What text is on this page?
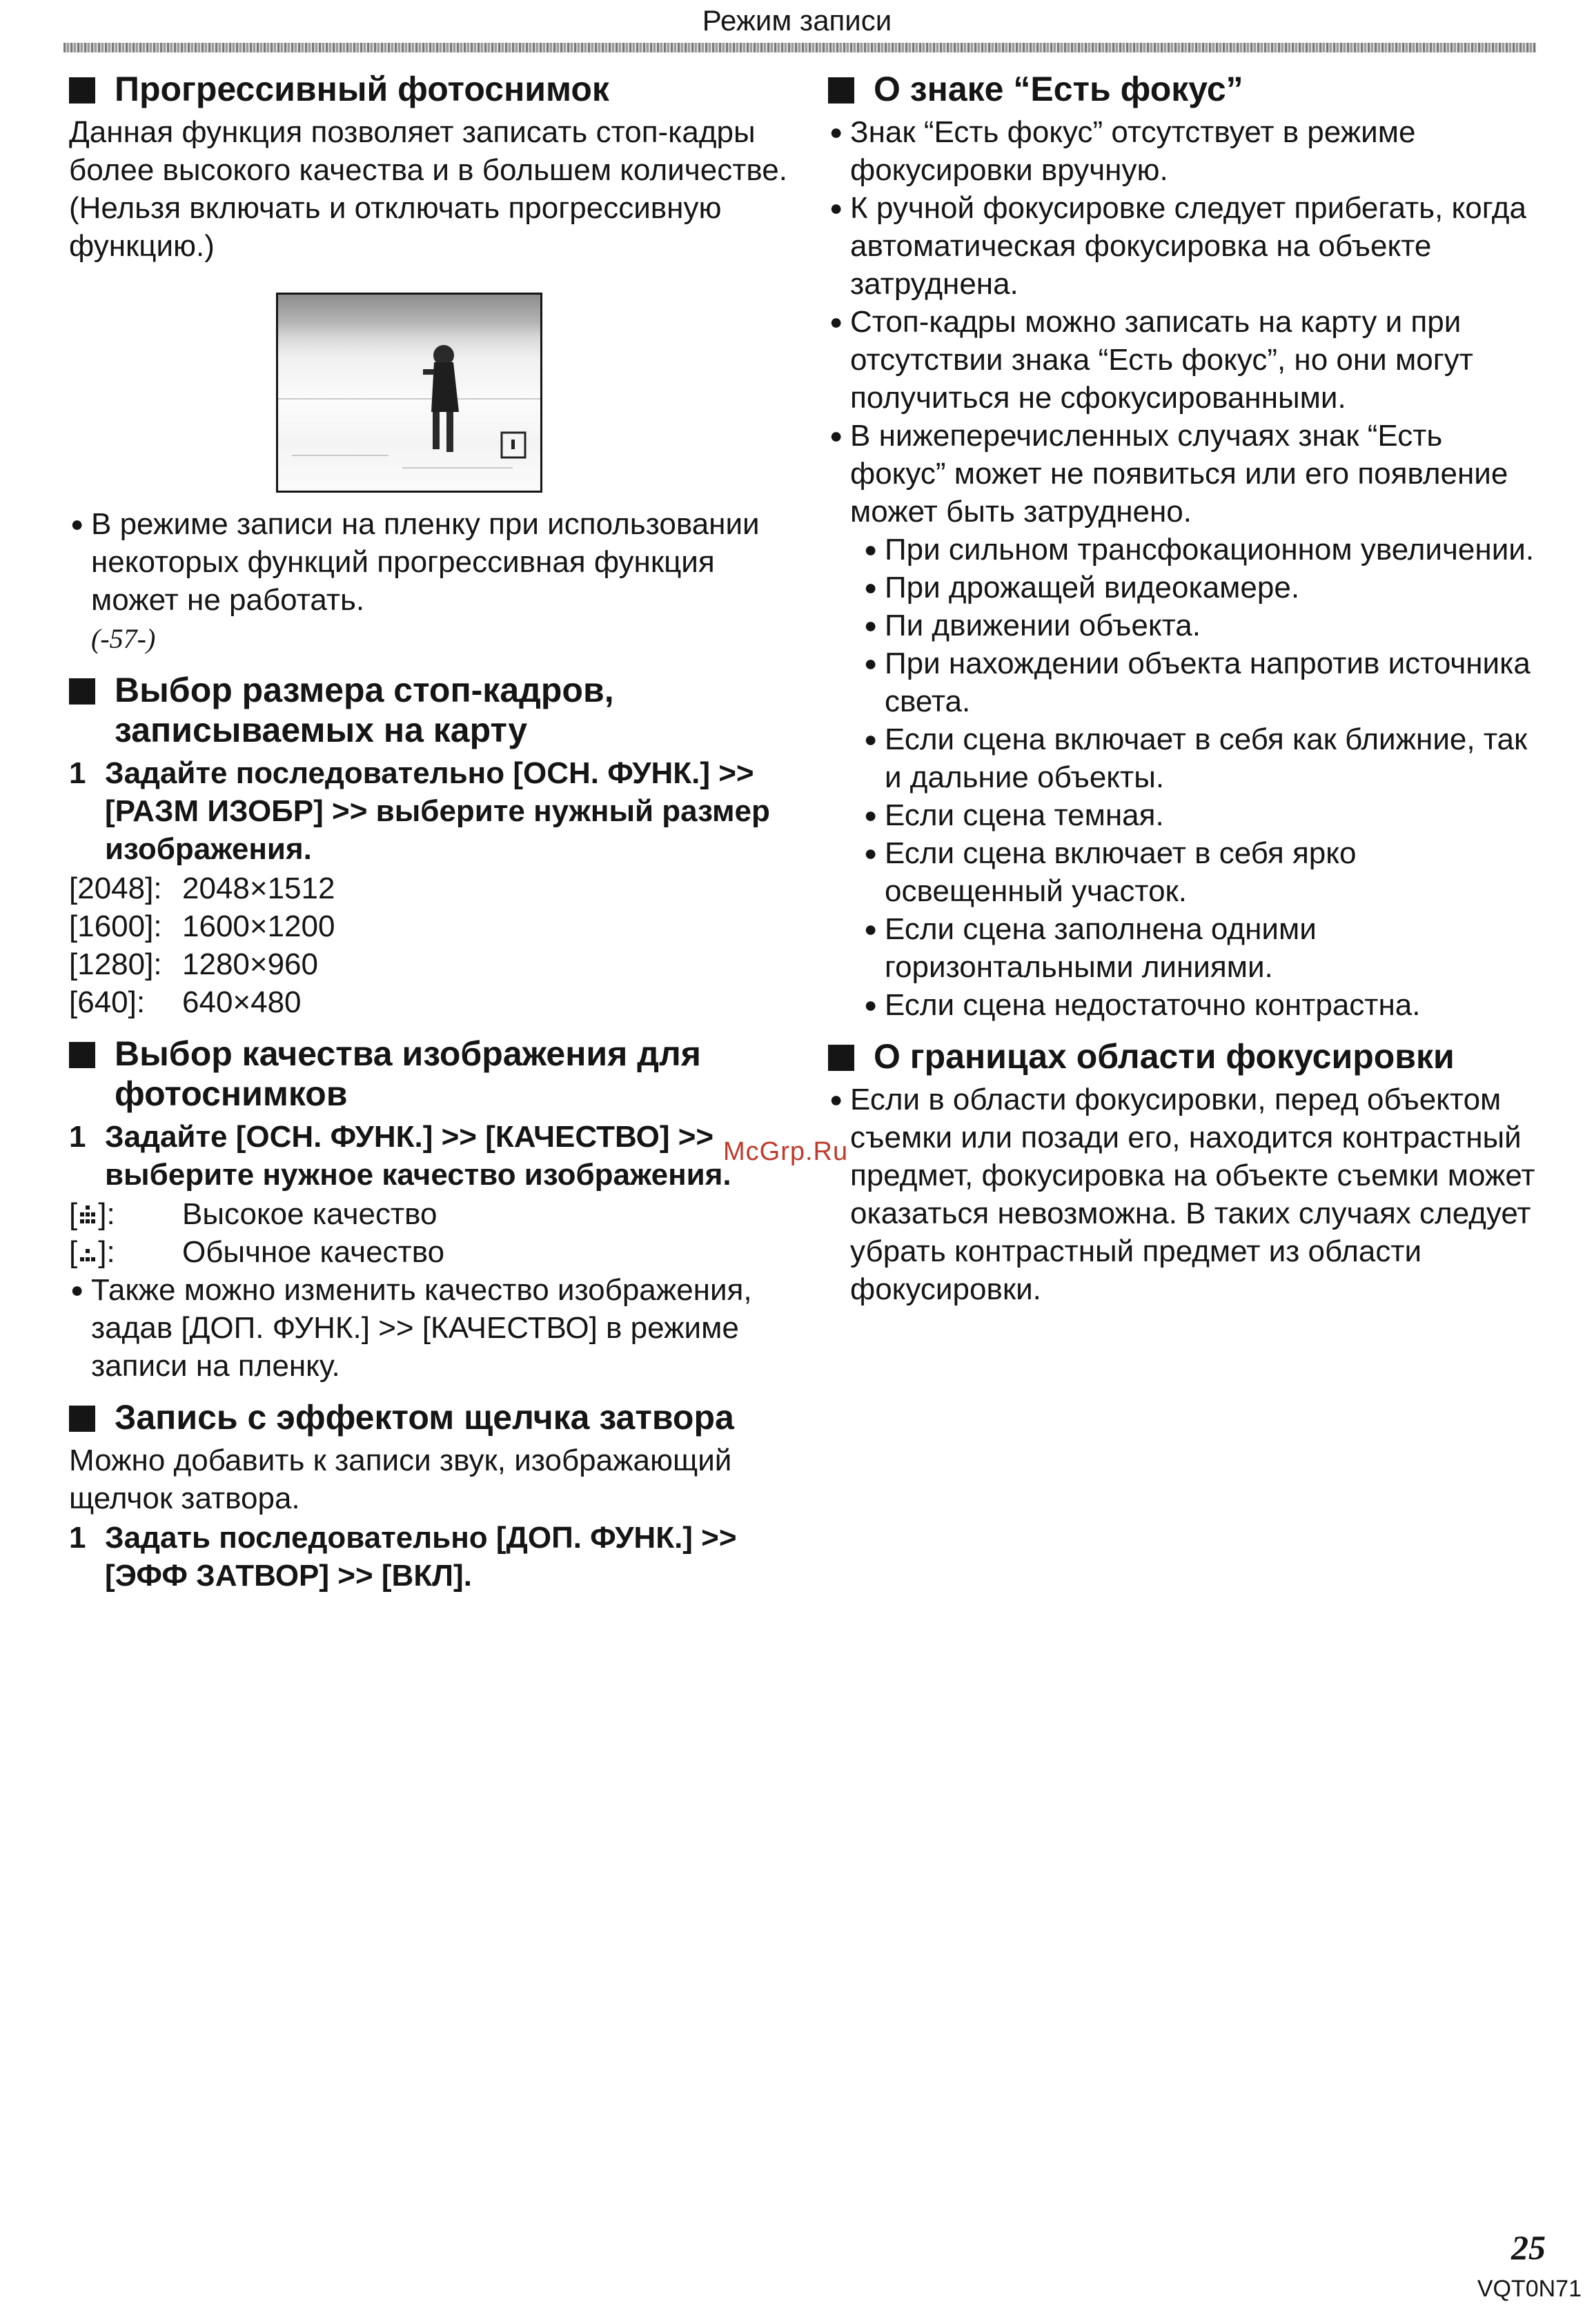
Режим записи
Прогрессивный фотоснимок

Данная функция позволяет записать стоп-кадры более высокого качества и в большем количестве. (Нельзя включать и отключать прогрессивную функцию.)

● В режиме записи на пленку при использовании некоторых функций прогрессивная функция может не работать.
(-57-)
Выбор размера стоп-кадров,
записываемых на карту
1 Задайте последовательно [ОСН. ФУНК.] >> [РАЗМ ИЗОБР] >> выберите нужный размер изображения.
[2048]: 2048×1512
[1600]: 1600×1200
[1280]: 1280×960
[640]:	640×480
Выбор качества изображения для
фотоснимков
1 Задайте [ОСН. ФУНК.] >> [КАЧЕСТВО] >> выберите нужное качество изображения.
[ ]:	Высокое качество
[ ]:	Обычное качество
● Также можно изменить качество изображения, задав [ДОП. ФУНК.] >> [КАЧЕСТВО] в режиме записи на пленку.
Запись с эффектом щелчка затвора

Можно добавить к записи звук, изображающий щелчок затвора.

1 Задать последовательно [ДОП. ФУНК.] >> [ЭФФ ЗАТВОР] >> [ВКЛ].
О знаке “Есть фокус”
● Знак “Есть фокус” отсутствует в режиме фокусировки вручную.
● К ручной фокусировке следует прибегать, когда автоматическая фокусировка на объекте затруднена.
● Стоп-кадры можно записать на карту и при отсутствии знака “Есть фокус”, но они могут получиться не сфокусированными.
● В нижеперечисленных случаях знак “Есть фокус” может не появиться или его появление может быть затруднено.
● При сильном трансфокационном увеличении.
● При дрожащей видеокамере.
● Пи движении объекта.
● При нахождении объекта напротив источника света.
● Если сцена включает в себя как ближние, так и дальние объекты.
● Если сцена темная.
● Если сцена включает в себя ярко освещенный участок.
● Если сцена заполнена одними горизонтальными линиями.
● Если сцена недостаточно контрастна.
О границах области фокусировки
● Если в области фокусировки, перед объектом съемки или позади его, находится контрастный предмет, фокусировка на объекте съемки может оказаться невозможна. В таких случаях следует убрать контрастный предмет из области фокусировки.
McGrp.Ru
25
VQT0N71
